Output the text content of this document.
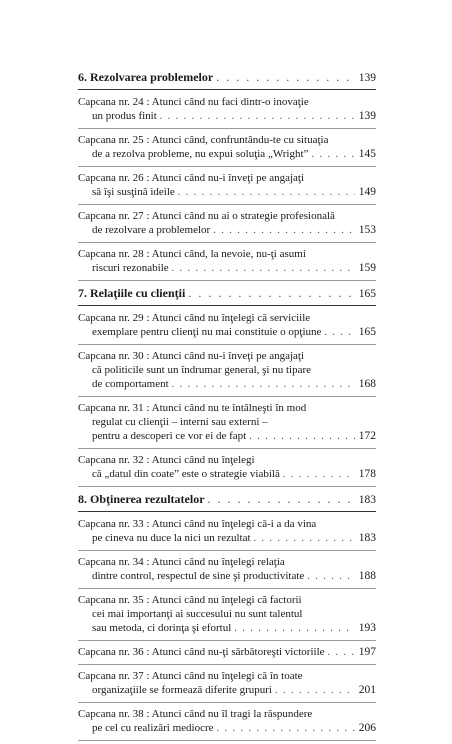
6. Rezolvarea problemelor . . .	139
Capcana nr. 24 : Atunci când nu faci dintr-o inovaţie
un produs finit . . .	139
Capcana nr. 25 : Atunci când, confruntându-te cu situaţia
de a rezolva probleme, nu expui soluţia „Wright” . . .	145
Capcana nr. 26 : Atunci când nu-i înveţi pe angajaţi
să îşi susţină ideile . . .	149
Capcana nr. 27 : Atunci când nu ai o strategie profesională
de rezolvare a problemelor . . .	153
Capcana nr. 28 : Atunci când, la nevoie, nu-ţi asumi
riscuri rezonabile . . .	159
7. Relaţiile cu clienţii . . .	165
Capcana nr. 29 : Atunci când nu înţelegi că serviciile
exemplare pentru clienţi nu mai constituie o opţiune . . .	165
Capcana nr. 30 : Atunci când nu-i înveţi pe angajaţi
că politicile sunt un îndrumar general, şi nu tipare
de comportament . . .	168
Capcana nr. 31 : Atunci când nu te întâlneşti în mod
regulat cu clienţii – interni sau externi –
pentru a descoperi ce vor ei de fapt . . .	172
Capcana nr. 32 : Atunci când nu înţelegi
că „datul din coate” este o strategie viabilă . . .	178
8. Obţinerea rezultatelor . . .	183
Capcana nr. 33 : Atunci când nu înţelegi că-i a da vina
pe cineva nu duce la nici un rezultat . . .	183
Capcana nr. 34 : Atunci când nu înţelegi relaţia
dintre control, respectul de sine şi productivitate . . .	188
Capcana nr. 35 : Atunci când nu înţelegi că factorii
cei mai importanţi ai succesului nu sunt talentul
sau metoda, ci dorinţa şi efortul . . .	193
Capcana nr. 36 : Atunci când nu-ţi sărbătoreşti victoriile . . .	197
Capcana nr. 37 : Atunci când nu înţelegi că în toate
organizaţiile se formează diferite grupuri . . .	201
Capcana nr. 38 : Atunci când nu îl tragi la răspundere
pe cel cu realizări mediocre . . .	206
